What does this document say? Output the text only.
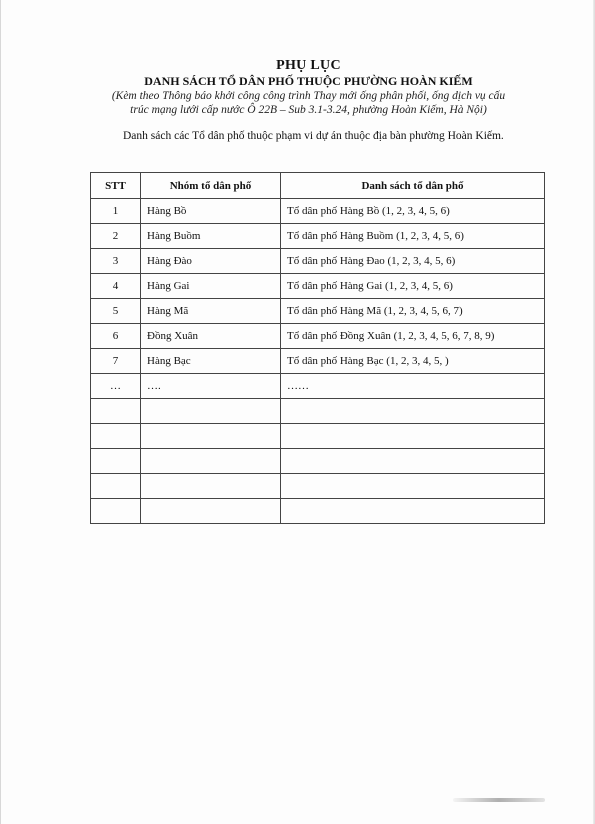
PHỤ LỤC
DANH SÁCH TỔ DÂN PHỐ THUỘC PHƯỜNG HOÀN KIẾM
(Kèm theo Thông báo khởi công công trình Thay mới ống phân phối, ống dịch vụ cấu
trúc mạng lưới cấp nước Ô 22B – Sub 3.1-3.24, phường Hoàn Kiếm, Hà Nội)
Danh sách các Tổ dân phố thuộc phạm vi dự án thuộc địa bàn phường Hoàn Kiếm.
STT	Nhóm tổ dân phố	Danh sách tổ dân phố
1	Hàng Bồ	Tổ dân phố Hàng Bồ (1, 2, 3, 4, 5, 6)
2	Hàng Buồm	Tổ dân phố Hàng Buồm (1, 2, 3, 4, 5, 6)
3	Hàng Đào	Tổ dân phố Hàng Đao (1, 2, 3, 4, 5, 6)
4	Hàng Gai	Tổ dân phố Hàng Gai (1, 2, 3, 4, 5, 6)
5	Hàng Mã	Tổ dân phố Hàng Mã (1, 2, 3, 4, 5, 6, 7)
6	Đồng Xuân	Tổ dân phố Đồng Xuân (1, 2, 3, 4, 5, 6, 7, 8, 9)
7	Hàng Bạc	Tổ dân phố Hàng Bạc (1, 2, 3, 4, 5, )
…	….	……
